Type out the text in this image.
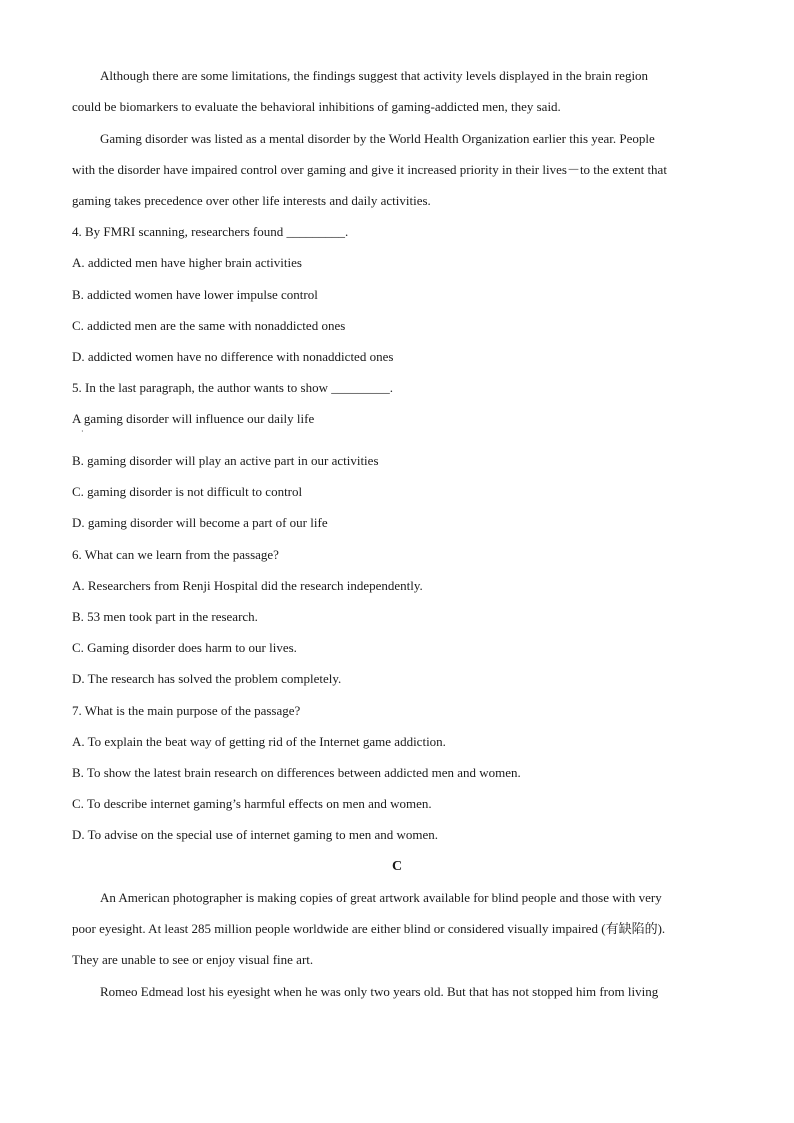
Although there are some limitations, the findings suggest that activity levels displayed in the brain region
could be biomarkers to evaluate the behavioral inhibitions of gaming-addicted men, they said.
Gaming disorder was listed as a mental disorder by the World Health Organization earlier this year. People
with the disorder have impaired control over gaming and give it increased priority in their lives－to the extent that
gaming takes precedence over other life interests and daily activities.
4. By FMRI scanning, researchers found _________.
A. addicted men have higher brain activities
B. addicted women have lower impulse control
C. addicted men are the same with nonaddicted ones
D. addicted women have no difference with nonaddicted ones
5. In the last paragraph, the author wants to show _________.
A gaming disorder will influence our daily life
·
B. gaming disorder will play an active part in our activities
C. gaming disorder is not difficult to control
D. gaming disorder will become a part of our life
6. What can we learn from the passage?
A. Researchers from Renji Hospital did the research independently.
B. 53 men took part in the research.
C. Gaming disorder does harm to our lives.
D. The research has solved the problem completely.
7. What is the main purpose of the passage?
A. To explain the beat way of getting rid of the Internet game addiction.
B. To show the latest brain research on differences between addicted men and women.
C. To describe internet gaming’s harmful effects on men and women.
D. To advise on the special use of internet gaming to men and women.
C
An American photographer is making copies of great artwork available for blind people and those with very
poor eyesight. At least 285 million people worldwide are either blind or considered visually impaired (有缺陷的).
They are unable to see or enjoy visual fine art.
Romeo Edmead lost his eyesight when he was only two years old. But that has not stopped him from living
